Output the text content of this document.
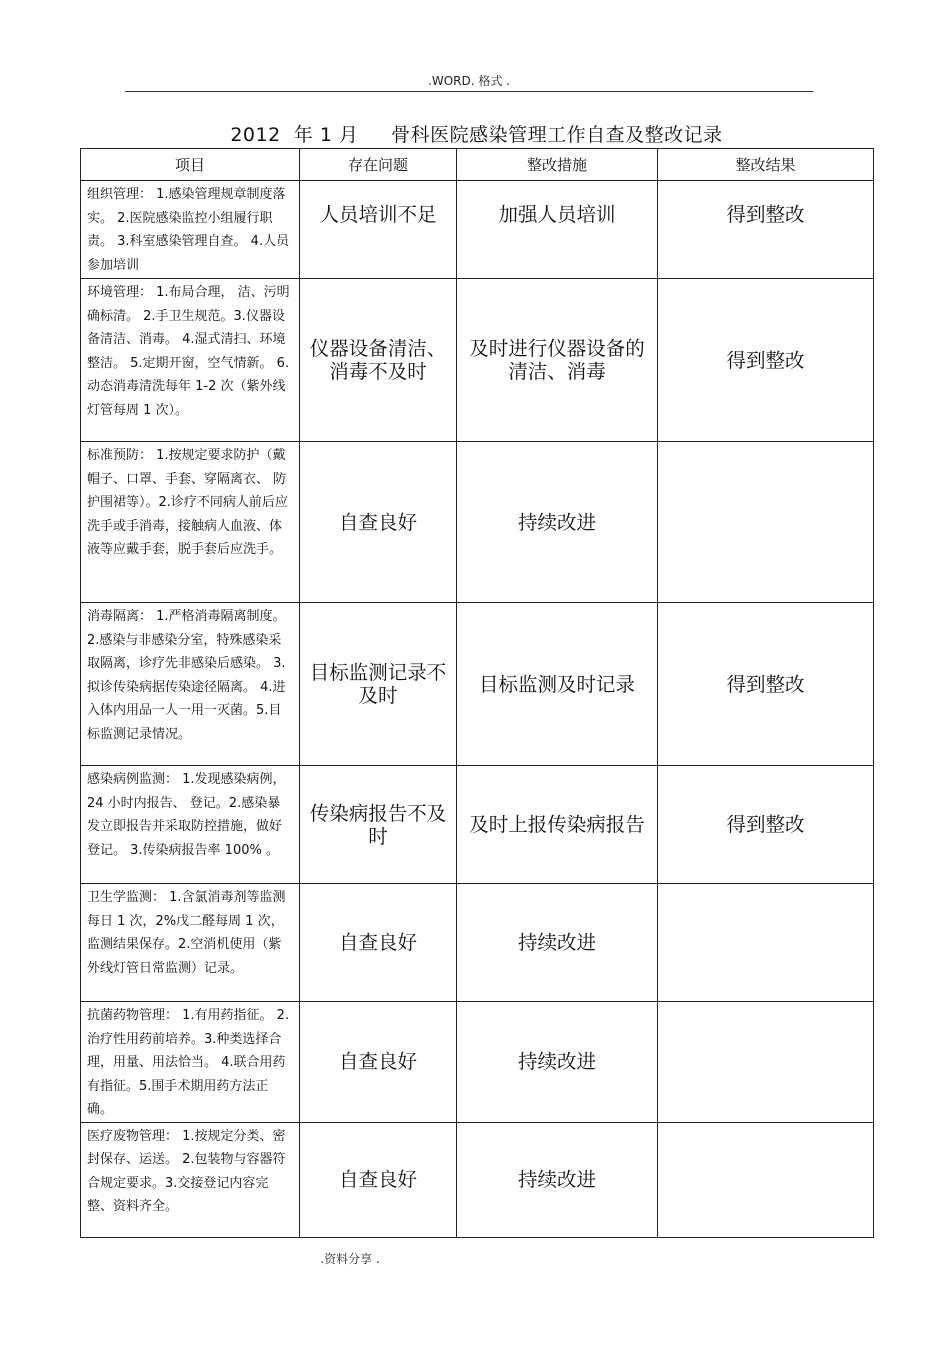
.WORD. 格式 .
2012  年 1 月     骨科医院感染管理工作自查及整改记录
项目	存在问题	整改措施	整改结果
组织管理： 1.感染管理规章制度落实。 2.医院感染监控小组履行职责。 3.科室感染管理自查。 4.人员参加培训	人员培训不足	加强人员培训	得到整改
环境管理： 1.布局合理， 洁、污明确标清。 2.手卫生规范。3.仪器设备清洁、消毒。 4.湿式清扫、环境整洁。 5.定期开窗，空气情新。 6.动态消毒清洗每年 1-2 次（紫外线灯管每周 1 次）。	仪器设备清洁、消毒不及时	及时进行仪器设备的清洁、消毒	得到整改
标准预防： 1.按规定要求防护（戴帽子、口罩、手套、穿隔离衣、 防护围裙等）。2.诊疗不同病人前后应洗手或手消毒，接触病人血液、体液等应戴手套，脱手套后应洗手。	自查良好	持续改进	
消毒隔离： 1.严格消毒隔离制度。 2.感染与非感染分室，特殊感染采取隔离，诊疗先非感染后感染。 3.拟诊传染病据传染途径隔离。 4.进入体内用品一人一用一灭菌。5.目标监测记录情况。	目标监测记录不及时	目标监测及时记录	得到整改
感染病例监测： 1.发现感染病例，24 小时内报告、 登记。2.感染暴发立即报告并采取防控措施，做好登记。 3.传染病报告率 100% 。	传染病报告不及时	及时上报传染病报告	得到整改
卫生学监测： 1.含氯消毒剂等监测每日 1 次，2%戊二醛每周 1 次，监测结果保存。2.空消机使用（紫外线灯管日常监测）记录。	自查良好	持续改进	
抗菌药物管理： 1.有用药指征。 2.治疗性用药前培养。3.种类选择合理，用量、用法恰当。 4.联合用药有指征。5.围手术期用药方法正确。	自查良好	持续改进	
医疗废物管理： 1.按规定分类、密封保存、运送。 2.包装物与容器符合规定要求。3.交接登记内容完整、资料齐全。	自查良好	持续改进	
.资料分享 .
